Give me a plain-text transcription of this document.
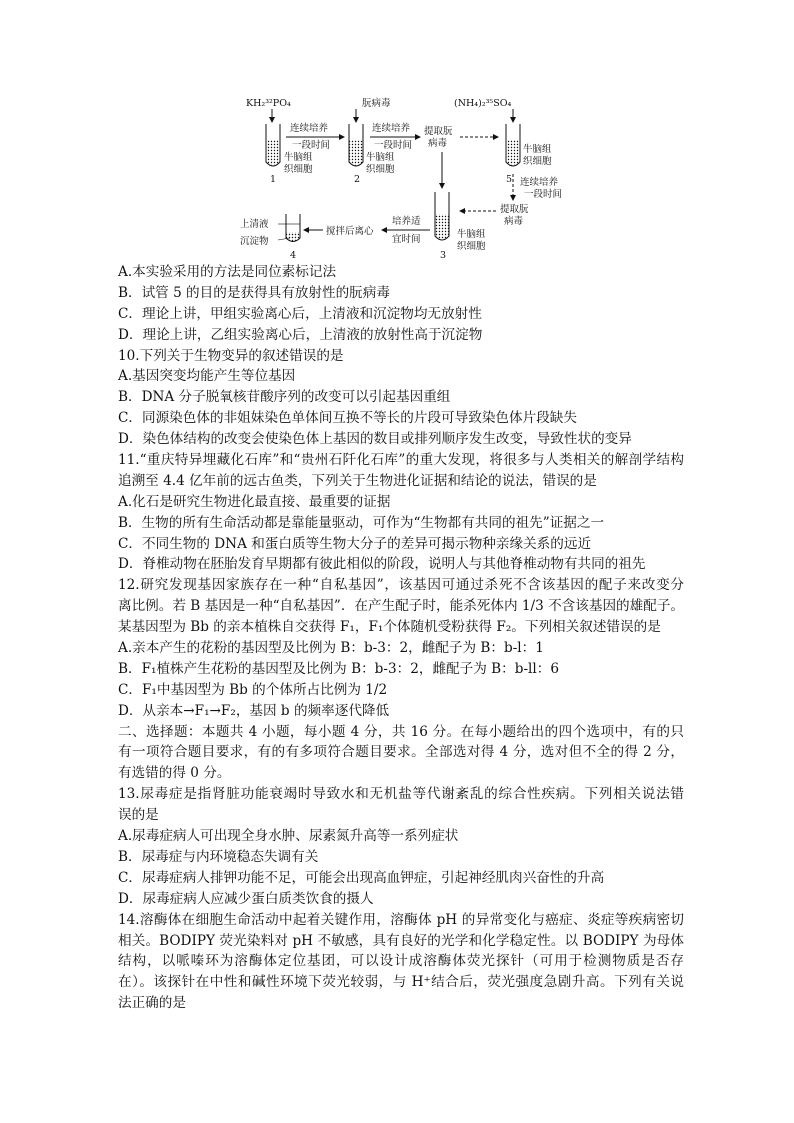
KH₂³²PO₄	朊病毒	(NH₄)₂³⁵SO₄
1
牛脑组
织细胞
连续培养
一段时间
2
牛脑组
织细胞
连续培养
一段时间
提取朊
病毒
牛脑组
织细胞
5 连续培养
一段时间
提取朊
病毒
3
牛脑组
织细胞
培养适
宜时间
搅拌后离心
4
上清液
沉淀物
A.本实验采用的方法是同位素标记法
B．试管 5 的目的是获得具有放射性的朊病毒
C．理论上讲，甲组实验离心后，上清液和沉淀物均无放射性
D．理论上讲，乙组实验离心后，上清液的放射性高于沉淀物
10.下列关于生物变异的叙述错误的是
A.基因突变均能产生等位基因
B．DNA 分子脱氧核苷酸序列的改变可以引起基因重组
C．同源染色体的非姐妹染色单体间互换不等长的片段可导致染色体片段缺失
D．染色体结构的改变会使染色体上基因的数目或排列顺序发生改变，导致性状的变异
11.“重庆特异埋藏化石库”和“贵州石阡化石库”的重大发现，将很多与人类相关的解剖学结构
追溯至 4.4 亿年前的远古鱼类，下列关于生物进化证据和结论的说法，错误的是
A.化石是研究生物进化最直接、最重要的证据
B．生物的所有生命活动都是靠能量驱动，可作为“生物都有共同的祖先”证据之一
C．不同生物的 DNA 和蛋白质等生物大分子的差异可揭示物种亲缘关系的远近
D．脊椎动物在胚胎发育早期都有彼此相似的阶段，说明人与其他脊椎动物有共同的祖先
12.研究发现基因家族存在一种“自私基因”，该基因可通过杀死不含该基因的配子来改变分
离比例。若 B 基因是一种“自私基因”．在产生配子时，能杀死体内 1/3 不含该基因的雄配子。
某基因型为 Bb 的亲本植株自交获得 F₁，F₁个体随机受粉获得 F₂。下列相关叙述错误的是
A.亲本产生的花粉的基因型及比例为 B：b-3：2，雌配子为 B：b-l：1
B．F₁植株产生花粉的基因型及比例为 B：b-3：2，雌配子为 B：b-ll：6
C．F₁中基因型为 Bb 的个体所占比例为 1/2
D．从亲本→F₁→F₂，基因 b 的频率逐代降低
二、选择题：本题共 4 小题，每小题 4 分，共 16 分。在每小题给出的四个选项中，有的只
有一项符合题目要求，有的有多项符合题目要求。全部选对得 4 分，选对但不全的得 2 分，
有选错的得 0 分。
13.尿毒症是指肾脏功能衰竭时导致水和无机盐等代谢紊乱的综合性疾病。下列相关说法错
误的是
A.尿毒症病人可出现全身水肿、尿素氮升高等一系列症状
B．尿毒症与内环境稳态失调有关
C．尿毒症病人排钾功能不足，可能会出现高血钾症，引起神经肌肉兴奋性的升高
D．尿毒症病人应减少蛋白质类饮食的摄人
14.溶酶体在细胞生命活动中起着关键作用，溶酶体 pH 的异常变化与癌症、炎症等疾病密切
相关。BODIPY 荧光染料对 pH 不敏感，具有良好的光学和化学稳定性。以 BODIPY 为母体
结构，以哌嗪环为溶酶体定位基团，可以设计成溶酶体荧光探针（可用于检测物质是否存
在）。该探针在中性和碱性环境下荧光较弱，与 H⁺结合后，荧光强度急剧升高。下列有关说
法正确的是
